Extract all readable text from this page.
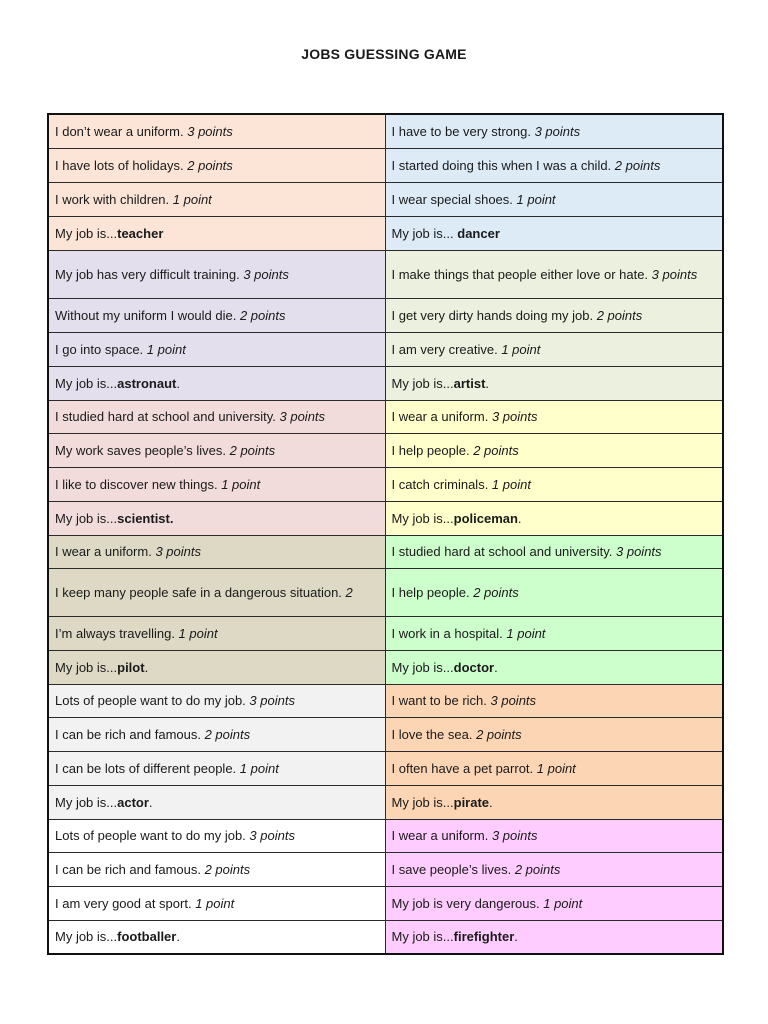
JOBS GUESSING GAME
I don’t wear a uniform. 3 points	I have to be very strong. 3 points
I have lots of holidays. 2 points	I started doing this when I was a child. 2 points
I work with children. 1 point	I wear special shoes. 1 point
My job is...teacher	My job is... dancer
My job has very difficult training. 3 points	I make things that people either love or hate. 3 points
Without my uniform I would die. 2 points	I get very dirty hands doing my job. 2 points
I go into space. 1 point	I am very creative. 1 point
My job is...astronaut.	My job is...artist.
I studied hard at school and university. 3 points	I wear a uniform. 3 points
My work saves people’s lives. 2 points	I help people. 2 points
I like to discover new things. 1 point	I catch criminals. 1 point
My job is...scientist.	My job is...policeman.
I wear a uniform. 3 points	I studied hard at school and university. 3 points
I keep many people safe in a dangerous situation. 2	I help people. 2 points
I’m always travelling. 1 point	I work in a hospital. 1 point
My job is...pilot.	My job is...doctor.
Lots of people want to do my job. 3 points	I want to be rich. 3 points
I can be rich and famous. 2 points	I love the sea. 2 points
I can be lots of different people. 1 point	I often have a pet parrot. 1 point
My job is...actor.	My job is...pirate.
Lots of people want to do my job. 3 points	I wear a uniform. 3 points
I can be rich and famous. 2 points	I save people’s lives. 2 points
I am very good at sport. 1 point	My job is very dangerous. 1 point
My job is...footballer.	My job is...firefighter.
